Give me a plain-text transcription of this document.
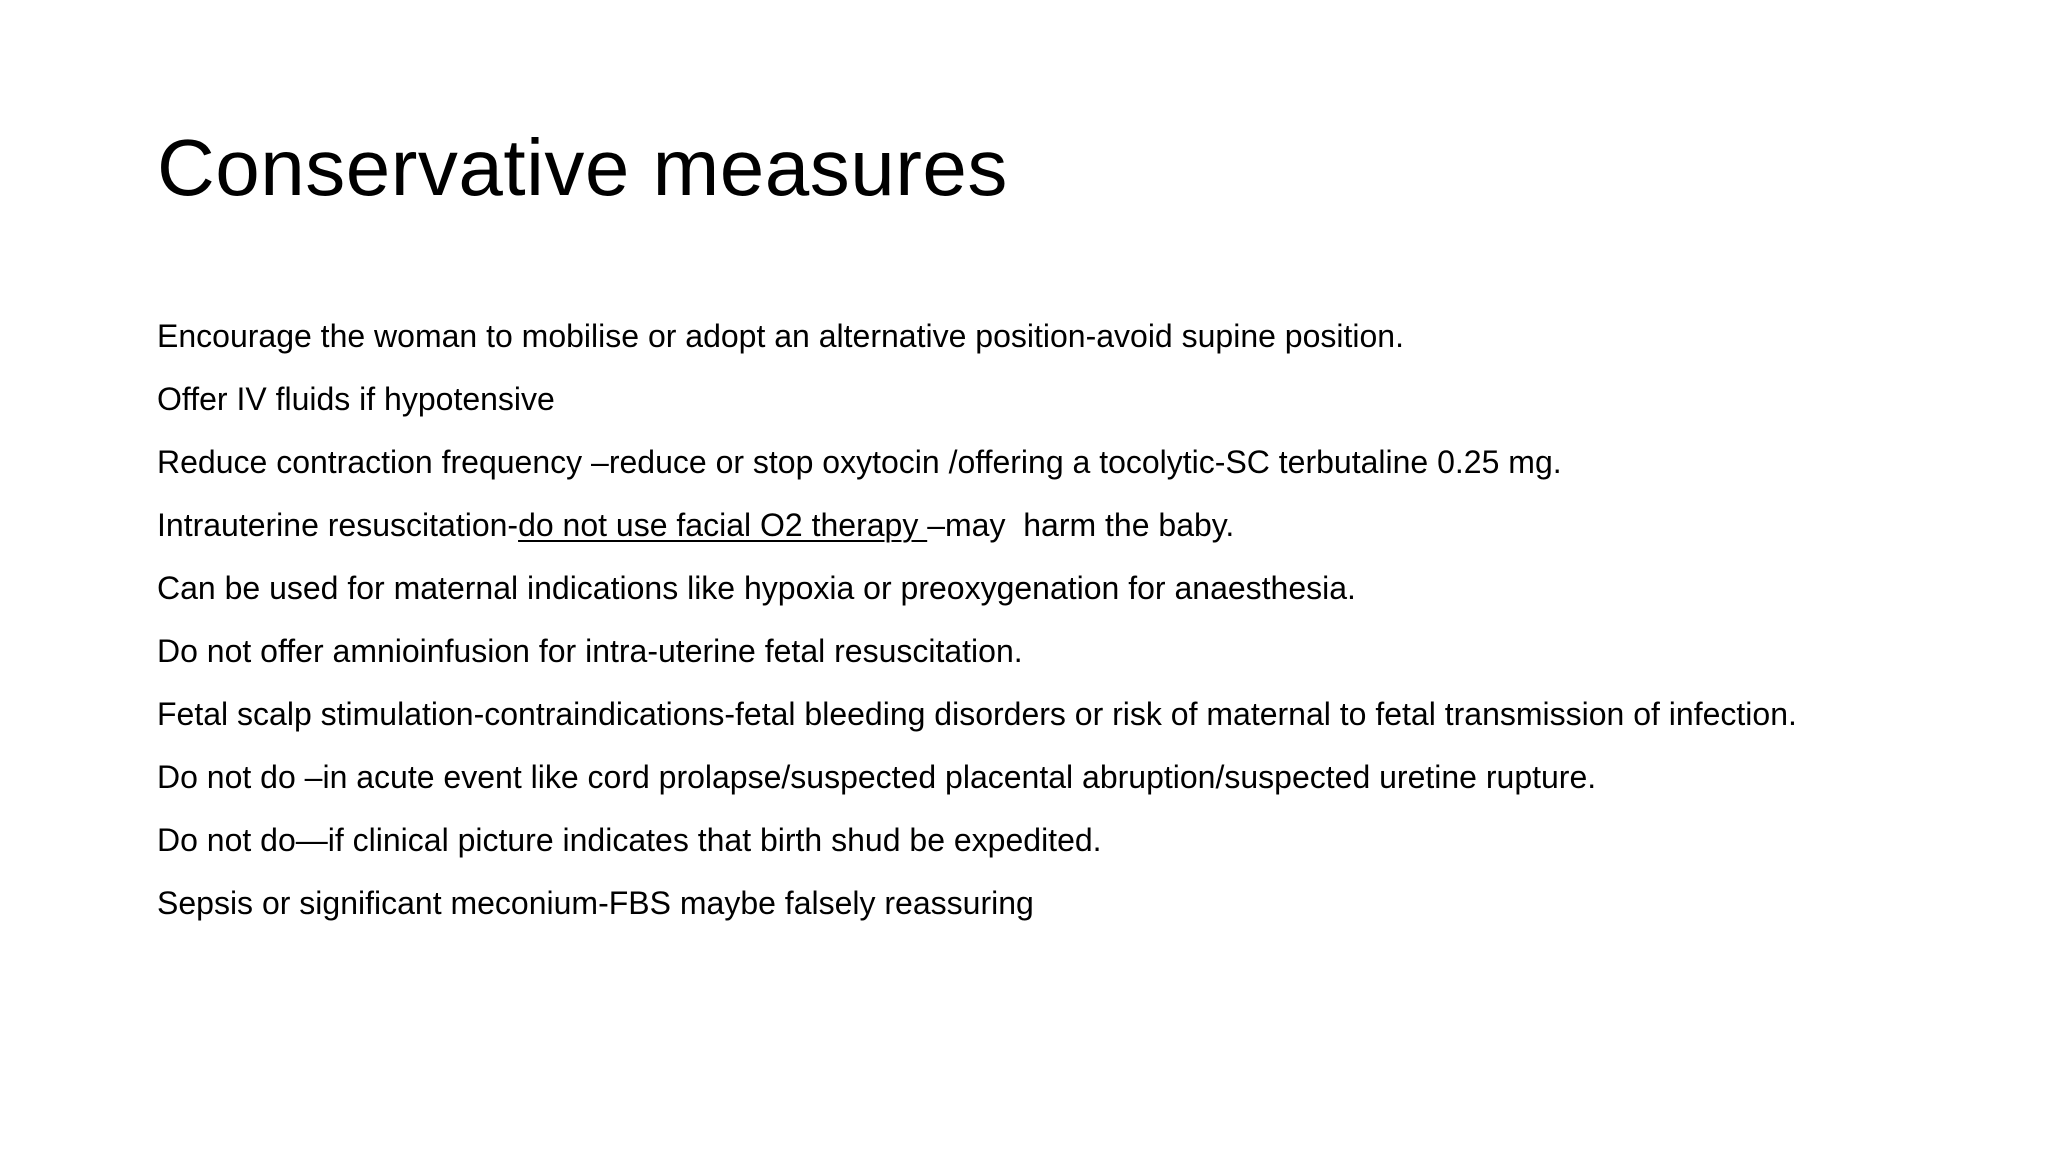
Conservative measures
Encourage the woman to mobilise or adopt an alternative position-avoid supine position.
Offer IV fluids if hypotensive
Reduce contraction frequency –reduce or stop oxytocin /offering a tocolytic-SC terbutaline 0.25 mg.
Intrauterine resuscitation-do not use facial O2 therapy –may  harm the baby.
Can be used for maternal indications like hypoxia or preoxygenation for anaesthesia.
Do not offer amnioinfusion for intra-uterine fetal resuscitation.
Fetal scalp stimulation-contraindications-fetal bleeding disorders or risk of maternal to fetal transmission of infection.
Do not do –in acute event like cord prolapse/suspected placental abruption/suspected uretine rupture.
Do not do—if clinical picture indicates that birth shud be expedited.
Sepsis or significant meconium-FBS maybe falsely reassuring
